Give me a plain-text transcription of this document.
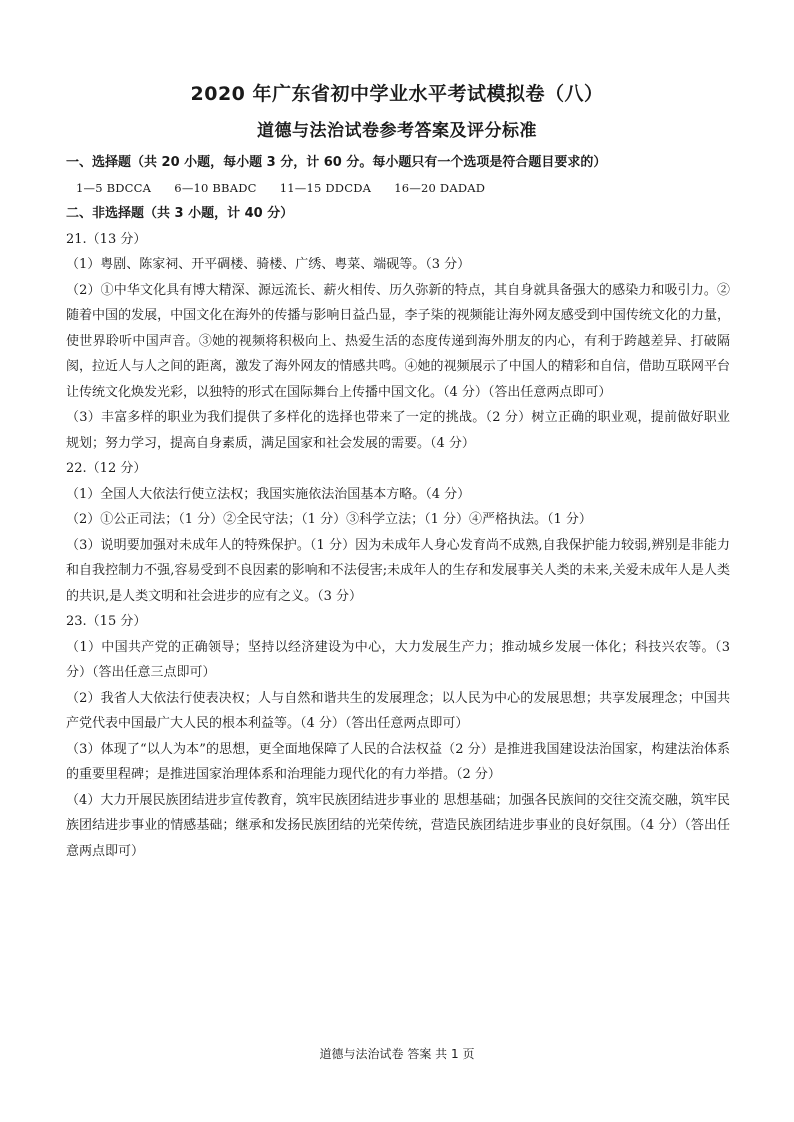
2020 年广东省初中学业水平考试模拟卷（八）
道德与法治试卷参考答案及评分标准
一、选择题（共 20 小题，每小题 3 分，计 60 分。每小题只有一个选项是符合题目要求的）
1—5 BDCCA      6—10 BBADC      11—15 DDCDA      16—20 DADAD
二、非选择题（共 3 小题，计 40 分）
21.（13 分）
（1）粤剧、陈家祠、开平碉楼、骑楼、广绣、粤菜、端砚等。（3 分）
（2）①中华文化具有博大精深、源远流长、薪火相传、历久弥新的特点，其自身就具备强大的感染力和吸引力。②随着中国的发展，中国文化在海外的传播与影响日益凸显，李子柒的视频能让海外网友感受到中国传统文化的力量，使世界聆听中国声音。③她的视频将积极向上、热爱生活的态度传递到海外朋友的内心，有利于跨越差异、打破隔阂，拉近人与人之间的距离，激发了海外网友的情感共鸣。④她的视频展示了中国人的精彩和自信，借助互联网平台让传统文化焕发光彩，以独特的形式在国际舞台上传播中国文化。（4 分）（答出任意两点即可）
（3）丰富多样的职业为我们提供了多样化的选择也带来了一定的挑战。（2 分）树立正确的职业观，提前做好职业规划；努力学习，提高自身素质，满足国家和社会发展的需要。（4 分）
22.（12 分）
（1）全国人大依法行使立法权；我国实施依法治国基本方略。（4 分）
（2）①公正司法；（1 分）②全民守法；（1 分）③科学立法；（1 分）④严格执法。（1 分）
（3）说明要加强对未成年人的特殊保护。（1 分）因为未成年人身心发育尚不成熟,自我保护能力较弱,辨别是非能力和自我控制力不强,容易受到不良因素的影响和不法侵害;未成年人的生存和发展事关人类的未来,关爱未成年人是人类的共识,是人类文明和社会进步的应有之义。（3 分）
23.（15 分）
（1）中国共产党的正确领导；坚持以经济建设为中心，大力发展生产力；推动城乡发展一体化；科技兴农等。（3 分）（答出任意三点即可）
（2）我省人大依法行使表决权；人与自然和谐共生的发展理念；以人民为中心的发展思想；共享发展理念；中国共产党代表中国最广大人民的根本利益等。（4 分）（答出任意两点即可）
（3）体现了“以人为本”的思想，更全面地保障了人民的合法权益（2 分）是推进我国建设法治国家，构建法治体系的重要里程碑；是推进国家治理体系和治理能力现代化的有力举措。（2 分）
（4）大力开展民族团结进步宣传教育，筑牢民族团结进步事业的 思想基础；加强各民族间的交往交流交融，筑牢民族团结进步事业的情感基础；继承和发扬民族团结的光荣传统，营造民族团结进步事业的良好氛围。（4 分）（答出任意两点即可）
道德与法治试卷 答案 共 1 页
